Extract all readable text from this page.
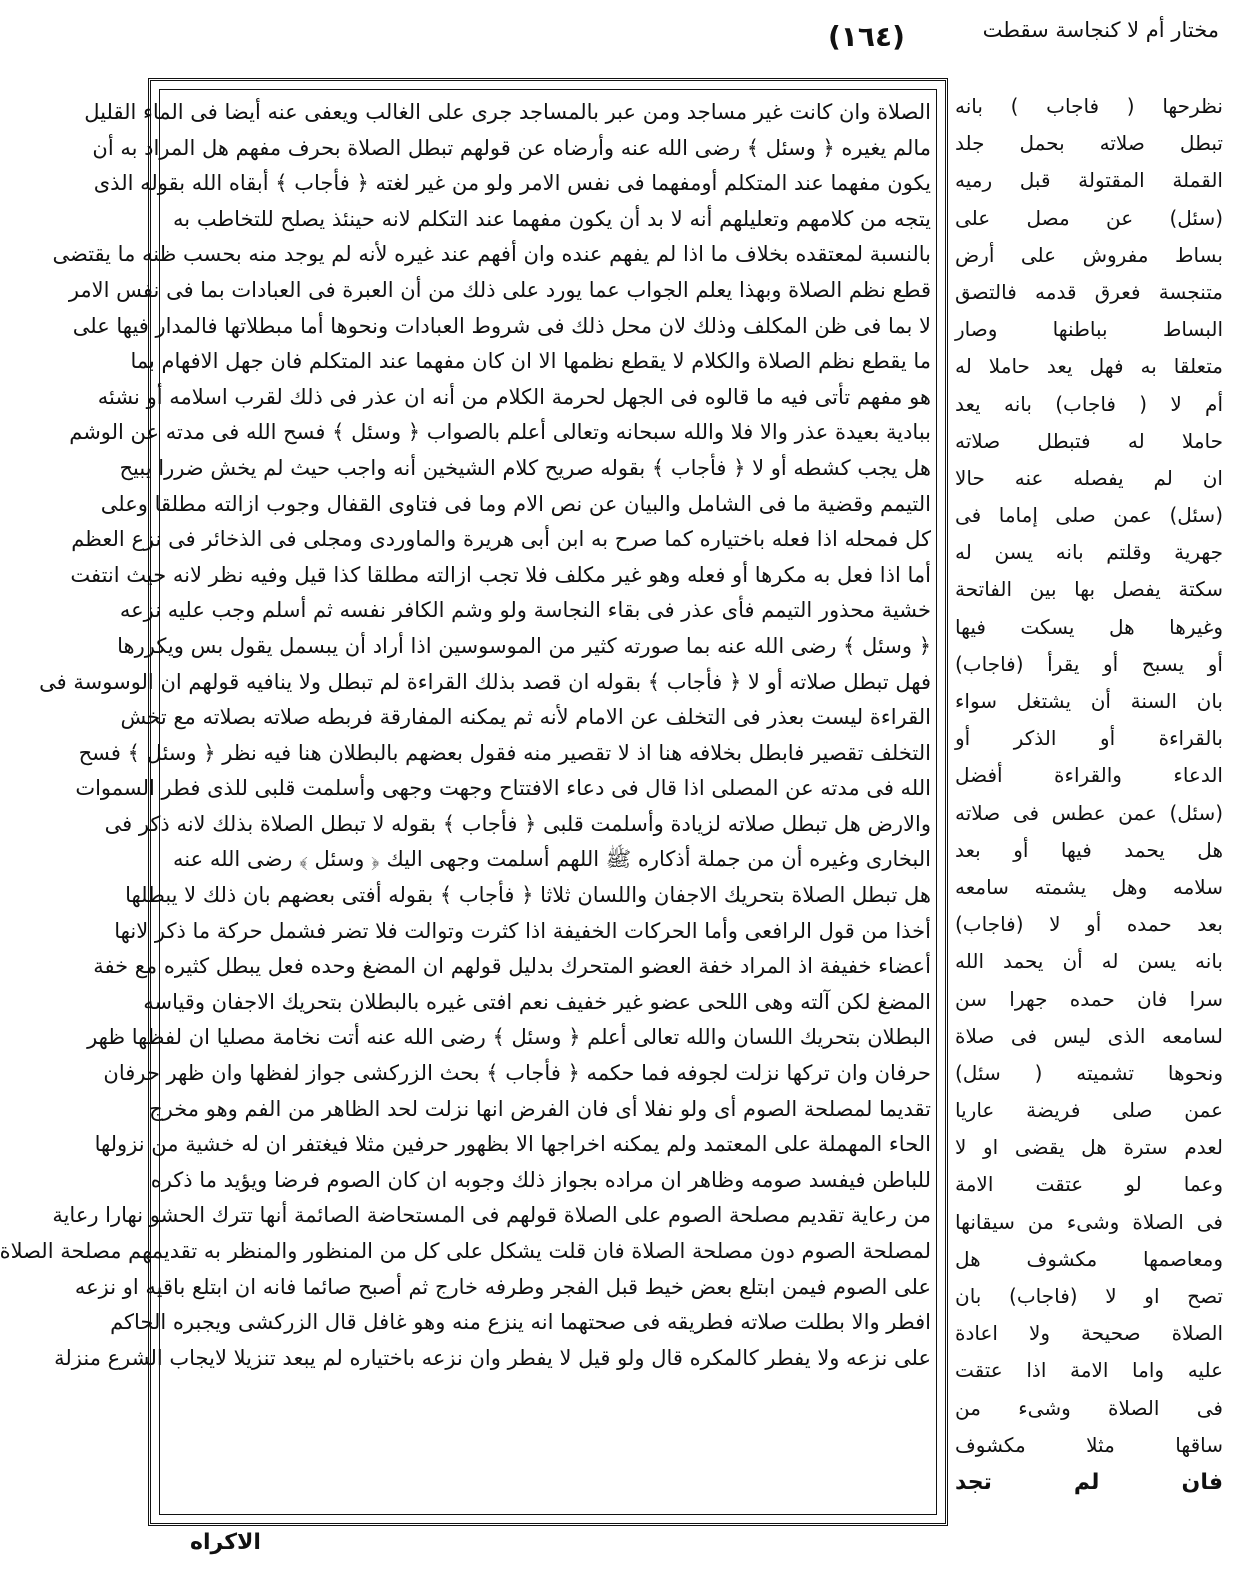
مختار أم لا كنجاسة سقطت
(١٦٤)
الصلاة وان كانت غير مساجد ومن عبر بالمساجد جرى على الغالب ويعفى عنه أيضا فى الماء القليل
مالم يغيره ﴿ وسئل ﴾ رضى الله عنه وأرضاه عن قولهم تبطل الصلاة بحرف مفهم هل المراد به أن
يكون مفهما عند المتكلم أومفهما فى نفس الامر ولو من غير لغته ﴿ فأجاب ﴾ أبقاه الله بقوله الذى
يتجه من كلامهم وتعليلهم أنه لا بد أن يكون مفهما عند التكلم لانه حينئذ يصلح للتخاطب به
بالنسبة لمعتقده بخلاف ما اذا لم يفهم عنده وان أفهم عند غيره لأنه لم يوجد منه بحسب ظنه ما يقتضى
قطع نظم الصلاة وبهذا يعلم الجواب عما يورد على ذلك من أن العبرة فى العبادات بما فى نفس الامر
لا بما فى ظن المكلف وذلك لان محل ذلك فى شروط العبادات ونحوها أما مبطلاتها فالمدار فيها على
ما يقطع نظم الصلاة والكلام لا يقطع نظمها الا ان كان مفهما عند المتكلم فان جهل الافهام بما
هو مفهم تأتى فيه ما قالوه فى الجهل لحرمة الكلام من أنه ان عذر فى ذلك لقرب اسلامه أو نشئه
ببادية بعيدة عذر والا فلا والله سبحانه وتعالى أعلم بالصواب ﴿ وسئل ﴾ فسح الله فى مدته عن الوشم
هل يجب كشطه أو لا ﴿ فأجاب ﴾ بقوله صريح كلام الشيخين أنه واجب حيث لم يخش ضررا يبيح
التيمم وقضية ما فى الشامل والبيان عن نص الام وما فى فتاوى القفال وجوب ازالته مطلقا وعلى
كل فمحله اذا فعله باختياره كما صرح به ابن أبى هريرة والماوردى ومجلى فى الذخائر فى نزع العظم
أما اذا فعل به مكرها أو فعله وهو غير مكلف فلا تجب ازالته مطلقا كذا قيل وفيه نظر لانه حيث انتفت
خشية محذور التيمم فأى عذر فى بقاء النجاسة ولو وشم الكافر نفسه ثم أسلم وجب عليه نزعه
﴿ وسئل ﴾ رضى الله عنه بما صورته كثير من الموسوسين اذا أراد أن يبسمل يقول بس ويكررها
فهل تبطل صلاته أو لا ﴿ فأجاب ﴾ بقوله ان قصد بذلك القراءة لم تبطل ولا ينافيه قولهم ان الوسوسة فى
القراءة ليست بعذر فى التخلف عن الامام لأنه ثم يمكنه المفارقة فربطه صلاته بصلاته مع تخش
التخلف تقصير فابطل بخلافه هنا اذ لا تقصير منه فقول بعضهم بالبطلان هنا فيه نظر ﴿ وسئل ﴾ فسح
الله فى مدته عن المصلى اذا قال فى دعاء الافتتاح وجهت وجهى وأسلمت قلبى للذى فطر السموات
والارض هل تبطل صلاته لزيادة وأسلمت قلبى ﴿ فأجاب ﴾ بقوله لا تبطل الصلاة بذلك لانه ذكر فى
البخارى وغيره أن من جملة أذكاره ﷺ اللهم أسلمت وجهى اليك ﴿ وسئل ﴾ رضى الله عنه
هل تبطل الصلاة بتحريك الاجفان واللسان ثلاثا ﴿ فأجاب ﴾ بقوله أفتى بعضهم بان ذلك لا يبطلها
أخذا من قول الرافعى وأما الحركات الخفيفة اذا كثرت وتوالت فلا تضر فشمل حركة ما ذكر لانها
أعضاء خفيفة اذ المراد خفة العضو المتحرك بدليل قولهم ان المضغ وحده فعل يبطل كثيره مع خفة
المضغ لكن آلته وهى اللحى عضو غير خفيف نعم افتى غيره بالبطلان بتحريك الاجفان وقياسه
البطلان بتحريك اللسان والله تعالى أعلم ﴿ وسئل ﴾ رضى الله عنه أتت نخامة مصليا ان لفظها ظهر
حرفان وان تركها نزلت لجوفه فما حكمه ﴿ فأجاب ﴾ بحث الزركشى جواز لفظها وان ظهر حرفان
تقديما لمصلحة الصوم أى ولو نفلا أى فان الفرض انها نزلت لحد الظاهر من الفم وهو مخرج
الحاء المهملة على المعتمد ولم يمكنه اخراجها الا بظهور حرفين مثلا فيغتفر ان له خشية من نزولها
للباطن فيفسد صومه وظاهر ان مراده بجواز ذلك وجوبه ان كان الصوم فرضا ويؤيد ما ذكره
من رعاية تقديم مصلحة الصوم على الصلاة قولهم فى المستحاضة الصائمة أنها تترك الحشو نهارا رعاية
لمصلحة الصوم دون مصلحة الصلاة فان قلت يشكل على كل من المنظور والمنظر به تقديمهم مصلحة الصلاة
على الصوم فيمن ابتلع بعض خيط قبل الفجر وطرفه خارج ثم أصبح صائما فانه ان ابتلع باقيه او نزعه
افطر والا بطلت صلاته فطريقه فى صحتهما انه ينزع منه وهو غافل قال الزركشى ويجبره الحاكم
على نزعه ولا يفطر كالمكره قال ولو قيل لا يفطر وان نزعه باختياره لم يبعد تنزيلا لايجاب الشرع منزلة
نظرحها ( فاجاب ) بانه
تبطل صلاته بحمل جلد
القملة المقتولة قبل رميه
(سئل) عن مصل على
بساط مفروش على أرض
متنجسة فعرق قدمه فالتصق
البساط بباطنها وصار
متعلقا به فهل يعد حاملا له
أم لا ( فاجاب) بانه يعد
حاملا له فتبطل صلاته
ان لم يفصله عنه حالا
(سئل) عمن صلى إماما فى
جهرية وقلتم بانه يسن له
سكتة يفصل بها بين الفاتحة
وغيرها هل يسكت فيها
أو يسبح أو يقرأ (فاجاب)
بان السنة أن يشتغل سواء
بالقراءة أو الذكر أو
الدعاء والقراءة أفضل
(سئل) عمن عطس فى صلاته
هل يحمد فيها أو بعد
سلامه وهل يشمته سامعه
بعد حمده أو لا (فاجاب)
بانه يسن له أن يحمد الله
سرا فان حمده جهرا سن
لسامعه الذى ليس فى صلاة
ونحوها تشميته ( سئل)
عمن صلى فريضة عاريا
لعدم سترة هل يقضى او لا
وعما لو عتقت الامة
فى الصلاة وشىء من سيقانها
ومعاصمها مكشوف هل
تصح او لا (فاجاب) بان
الصلاة صحيحة ولا اعادة
عليه واما الامة اذا عتقت
فى الصلاة وشىء من
ساقها مثلا مكشوف
فان لم تجد
الاكراه
